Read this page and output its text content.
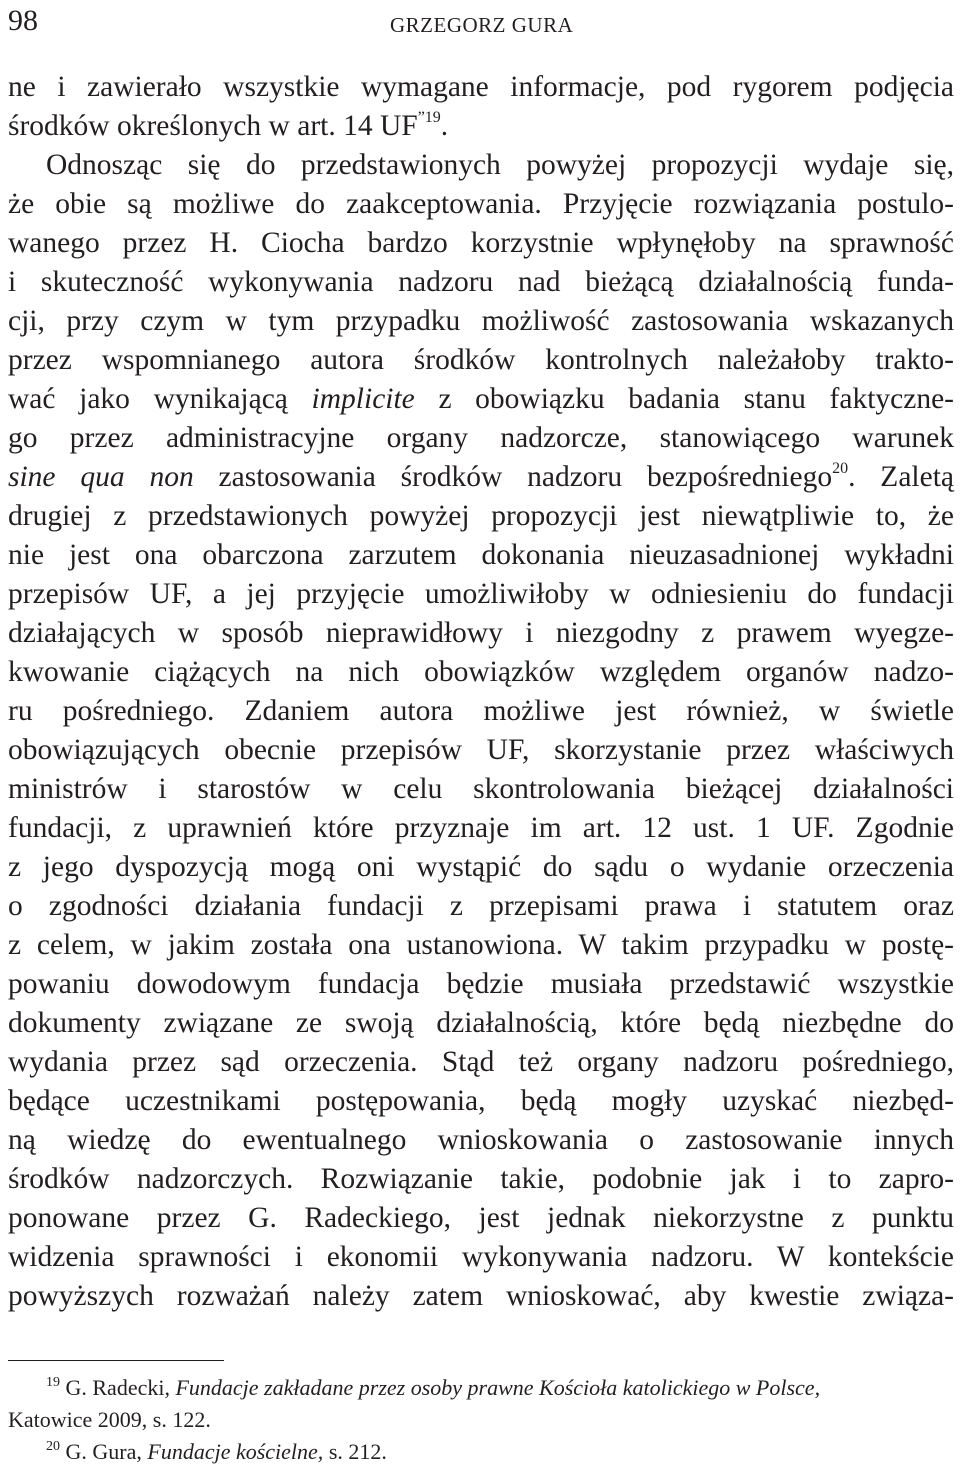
98	GRZEGORZ GURA
ne i zawierało wszystkie wymagane informacje, pod rygorem podjęcia
środków określonych w art. 14 $UF^{”19}$.
Odnosząc się do przedstawionych powyżej propozycji wydaje się,
że obie są możliwe do zaakceptowania. Przyjęcie rozwiązania postulo-
wanego przez H. Ciocha bardzo korzystnie wpłynęłoby na sprawność
i skuteczność wykonywania nadzoru nad bieżącą działalnością funda-
cji, przy czym w tym przypadku możliwość zastosowania wskazanych
przez wspomnianego autora środków kontrolnych należałoby trakto-
wać jako wynikającą implicite z obowiązku badania stanu faktyczne-
go przez administracyjne organy nadzorcze, stanowiącego warunek
sine qua non zastosowania środków nadzoru bezpośredniego$^{20}$. Zaletą
drugiej z przedstawionych powyżej propozycji jest niewątpliwie to, że
nie jest ona obarczona zarzutem dokonania nieuzasadnionej wykładni
przepisów UF, a jej przyjęcie umożliwiłoby w odniesieniu do fundacji
działających w sposób nieprawidłowy i niezgodny z prawem wyegze-
kwowanie ciążących na nich obowiązków względem organów nadzo-
ru pośredniego. Zdaniem autora możliwe jest również, w świetle
obowiązujących obecnie przepisów UF, skorzystanie przez właściwych
ministrów i starostów w celu skontrolowania bieżącej działalności
fundacji, z uprawnień które przyznaje im art. 12 ust. 1 UF. Zgodnie
z jego dyspozycją mogą oni wystąpić do sądu o wydanie orzeczenia
o zgodności działania fundacji z przepisami prawa i statutem oraz
z celem, w jakim została ona ustanowiona. W takim przypadku w postę-
powaniu dowodowym fundacja będzie musiała przedstawić wszystkie
dokumenty związane ze swoją działalnością, które będą niezbędne do
wydania przez sąd orzeczenia. Stąd też organy nadzoru pośredniego,
będące uczestnikami postępowania, będą mogły uzyskać niezbęd-
ną wiedzę do ewentualnego wnioskowania o zastosowanie innych
środków nadzorczych. Rozwiązanie takie, podobnie jak i to zapro-
ponowane przez G. Radeckiego, jest jednak niekorzystne z punktu
widzenia sprawności i ekonomii wykonywania nadzoru. W kontekście
powyższych rozważań należy zatem wnioskować, aby kwestie związa-
$^{19}$ G. Radecki, Fundacje zakładane przez osoby prawne Kościoła katolickiego w Polsce,
Katowice 2009, s. 122.
$^{20}$ G. Gura, Fundacje kościelne, s. 212.
